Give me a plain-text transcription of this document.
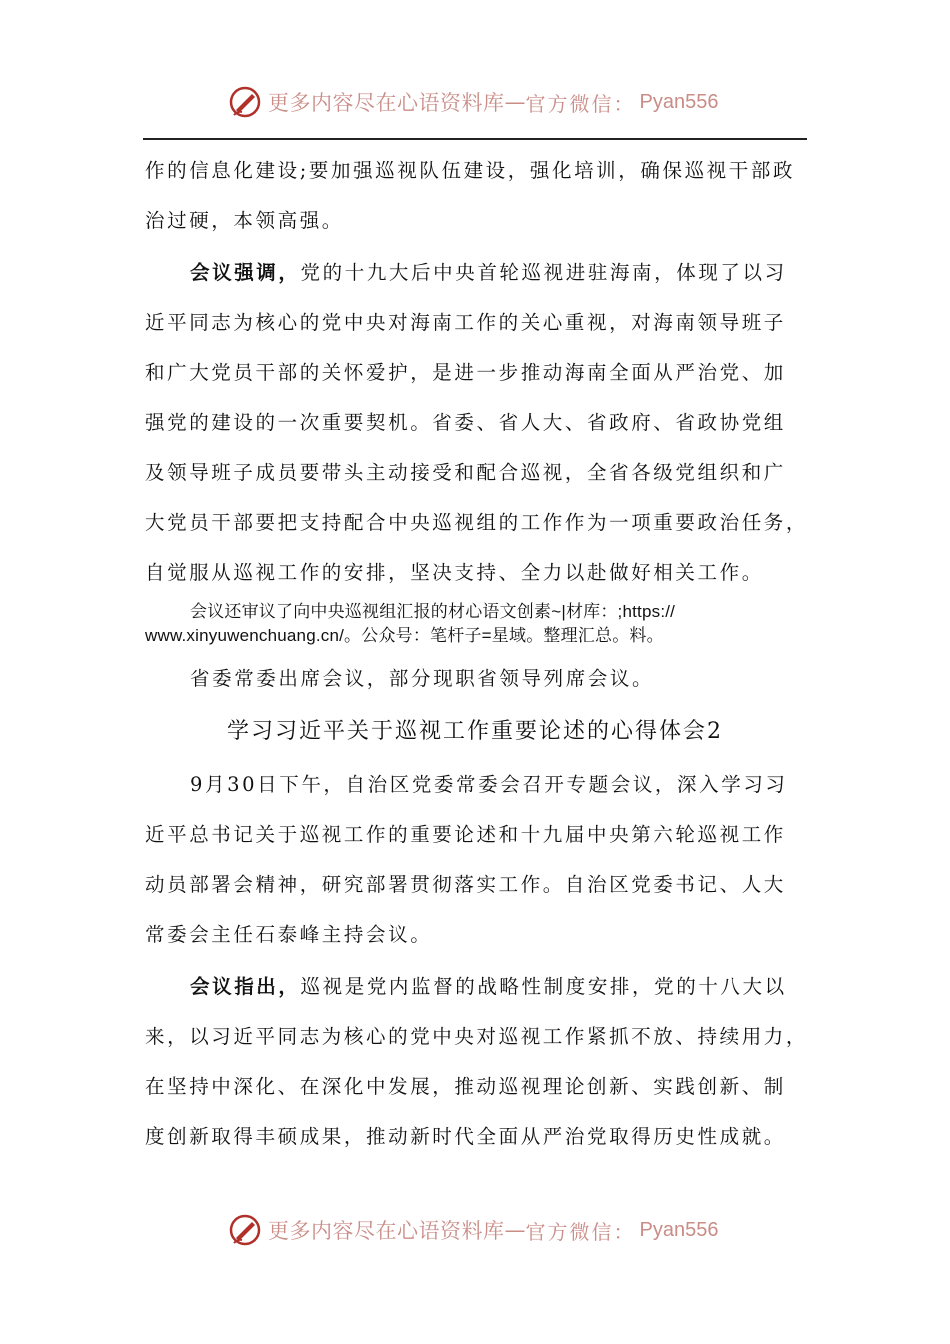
更多内容尽在心语资料库 — 官方微信： Pyan556
作的信息化建设;要加强巡视队伍建设，强化培训，确保巡视干部政
治过硬，本领高强。
会议强调，党的十九大后中央首轮巡视进驻海南，体现了以习
近平同志为核心的党中央对海南工作的关心重视，对海南领导班子
和广大党员干部的关怀爱护，是进一步推动海南全面从严治党、加
强党的建设的一次重要契机。省委、省人大、省政府、省政协党组
及领导班子成员要带头主动接受和配合巡视，全省各级党组织和广
大党员干部要把支持配合中央巡视组的工作作为一项重要政治任务，
自觉服从巡视工作的安排，坚决支持、全力以赴做好相关工作。
会议还审议了向中央巡视组汇报的材心语文创素~|材库：;https://
www.xinyuwenchuang.cn/。公众号：笔杆子=星域。整理汇总。料。
省委常委出席会议，部分现职省领导列席会议。
学习习近平关于巡视工作重要论述的心得体会2
9月30日下午，自治区党委常委会召开专题会议，深入学习习
近平总书记关于巡视工作的重要论述和十九届中央第六轮巡视工作
动员部署会精神，研究部署贯彻落实工作。自治区党委书记、人大
常委会主任石泰峰主持会议。
会议指出，巡视是党内监督的战略性制度安排，党的十八大以
来，以习近平同志为核心的党中央对巡视工作紧抓不放、持续用力，
在坚持中深化、在深化中发展，推动巡视理论创新、实践创新、制
度创新取得丰硕成果，推动新时代全面从严治党取得历史性成就。
更多内容尽在心语资料库 — 官方微信： Pyan556
